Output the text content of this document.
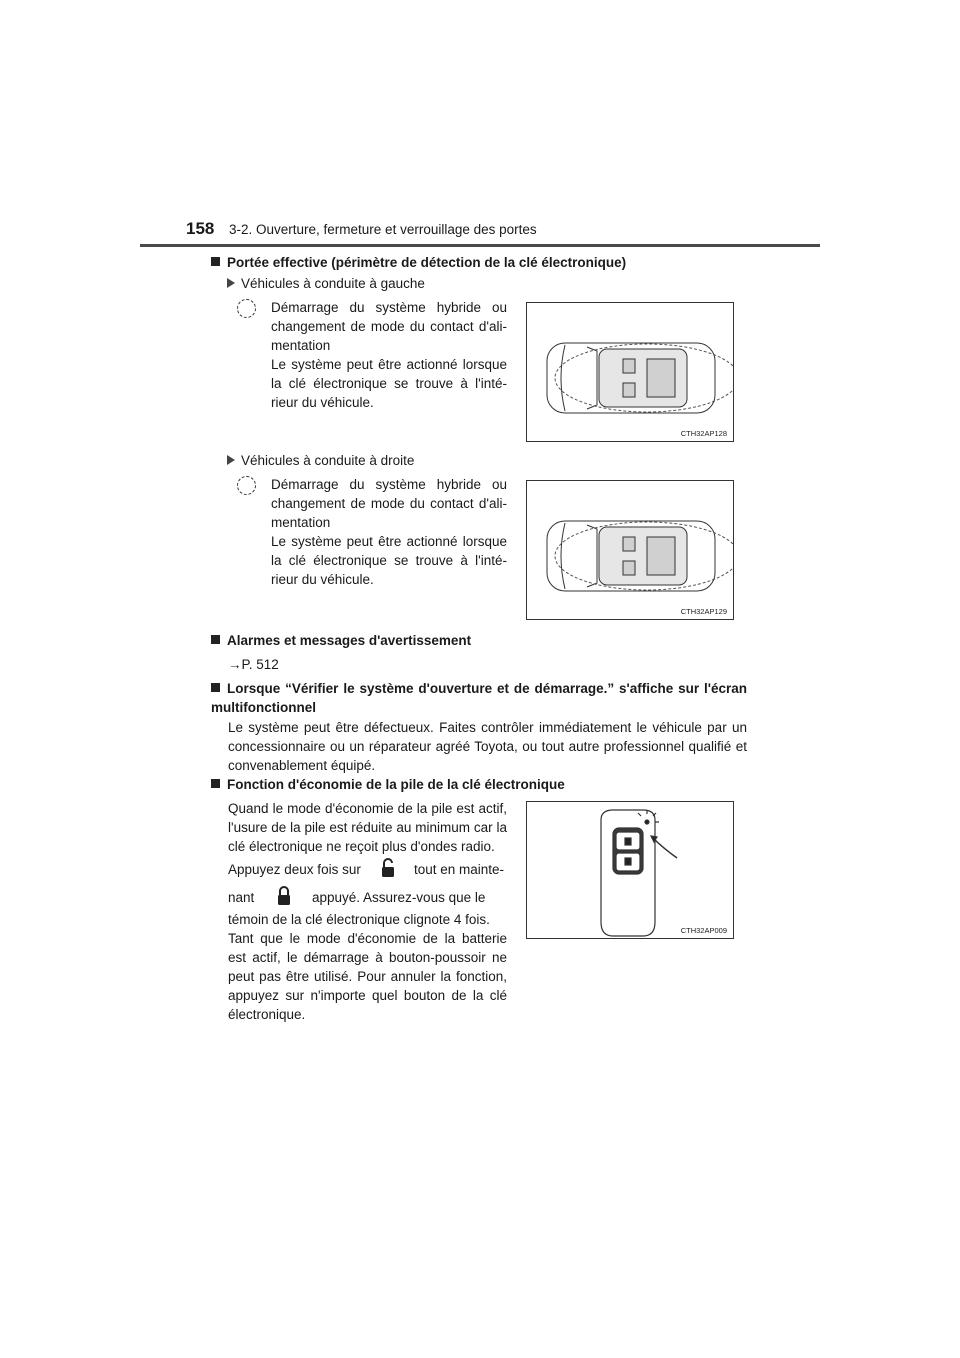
158 3-2. Ouverture, fermeture et verrouillage des portes
Portée effective (périmètre de détection de la clé électronique)
Véhicules à conduite à gauche
Démarrage du système hybride ou changement de mode du contact d'ali-mentation
Le système peut être actionné lorsque la clé électronique se trouve à l'inté-rieur du véhicule.
CTH32AP128
Véhicules à conduite à droite
Démarrage du système hybride ou changement de mode du contact d'ali-mentation
Le système peut être actionné lorsque la clé électronique se trouve à l'inté-rieur du véhicule.
CTH32AP129
Alarmes et messages d'avertissement
→P. 512
Lorsque “Vérifier le système d'ouverture et de démarrage.” s'affiche sur l'écran multifonctionnel
Le système peut être défectueux. Faites contrôler immédiatement le véhicule par un concessionnaire ou un réparateur agréé Toyota, ou tout autre professionnel qualifié et convenablement équipé.
Fonction d'économie de la pile de la clé électronique
Quand le mode d'économie de la pile est actif, l'usure de la pile est réduite au minimum car la clé électronique ne reçoit plus d'ondes radio.
Appuyez deux fois sur	tout en mainte-
nant	appuyé. Assurez-vous que le
témoin de la clé électronique clignote 4 fois.
Tant que le mode d'économie de la batterie est actif, le démarrage à bouton-poussoir ne peut pas être utilisé. Pour annuler la fonction, appuyez sur n'importe quel bouton de la clé électronique.
CTH32AP009
